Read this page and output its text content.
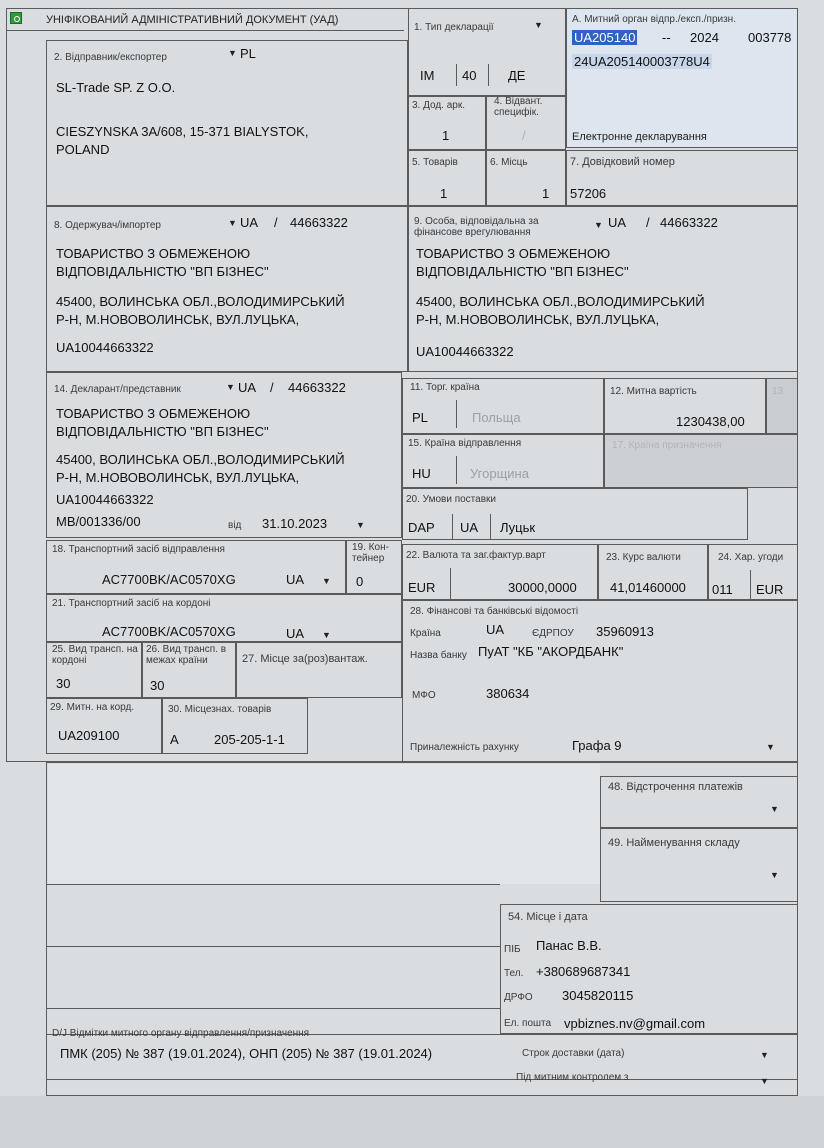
УНІФІКОВАНИЙ АДМІНІСТРАТИВНИЙ ДОКУМЕНТ (УАД)
1. Тип декларації	▼
ІМ 40 ДЕ
А. Митний орган відпр./експ./призн.
UA205140 -- 2024 003778
24UA205140003778U4
Електронне декларування
2. Відправник/експортер	▼ PL
SL-Trade SP. Z O.O.
CIESZYNSKA 3A/608, 15-371 BIALYSTOK,
POLAND
3. Дод. арк.
1
4. Відвант. специфік.
/
5. Товарів
1
6. Місць
1
7. Довідковий номер
57206
8. Одержувач/імпортер	▼ UA / 44663322
ТОВАРИСТВО З ОБМЕЖЕНОЮ
ВІДПОВІДАЛЬНІСТЮ "ВП БІЗНЕС"
45400, ВОЛИНСЬКА ОБЛ.,ВОЛОДИМИРСЬКИЙ
Р-Н, М.НОВОВОЛИНСЬК, ВУЛ.ЛУЦЬКА,
UA10044663322
9. Особа, відповідальна за фінансове врегулювання
▼ UA / 44663322
ТОВАРИСТВО З ОБМЕЖЕНОЮ
ВІДПОВІДАЛЬНІСТЮ "ВП БІЗНЕС"
45400, ВОЛИНСЬКА ОБЛ.,ВОЛОДИМИРСЬКИЙ
Р-Н, М.НОВОВОЛИНСЬК, ВУЛ.ЛУЦЬКА,
UA10044663322
14. Декларант/представник	▼ UA / 44663322
ТОВАРИСТВО З ОБМЕЖЕНОЮ
ВІДПОВІДАЛЬНІСТЮ "ВП БІЗНЕС"
45400, ВОЛИНСЬКА ОБЛ.,ВОЛОДИМИРСЬКИЙ
Р-Н, М.НОВОВОЛИНСЬК, ВУЛ.ЛУЦЬКА,
UA10044663322
МВ/001336/00	від 31.10.2023	▼
11. Торг. країна
PL	Польща
12. Митна вартість
1230438,00
13
15. Країна відправлення
HU	Угорщина
17. Країна призначення
20. Умови поставки
DAP UA Луцьк
18. Транспортний засіб відправлення
AC7700BK/AC0570XG	UA ▼
19. Кон-тейнер
0
22. Валюта та заг.фактур.варт
EUR	30000,0000
23. Курс валюти
41,01460000
24. Хар. угоди
011 EUR
21. Транспортний засіб на кордоні
AC7700BK/AC0570XG	UA ▼
28. Фінансові та банківські відомості
Країна	UA	ЄДРПОУ 35960913
Назва банку ПуАТ "КБ "АКОРДБАНК"
МФО	380634
Приналежність рахунку	Графа 9	▼
25. Вид трансп. на кордоні
30
26. Вид трансп. в межах країни
30
27. Місце за(роз)вантаж.
29. Митн. на корд.
UA209100
30. Місцезнах. товарів
A	205-205-1-1
48. Відстрочення платежів
▼
49. Найменування складу
▼
54. Місце і дата
ПІБ Панас В.В.
Тел. +380689687341
ДРФО 3045820115
Ел. пошта vpbiznes.nv@gmail.com
D/J Відмітки митного органу відправлення/призначення
ПМК (205) № 387 (19.01.2024), ОНП (205) № 387 (19.01.2024)	Строк доставки (дата)	▼
Під митним контролем з	▼
